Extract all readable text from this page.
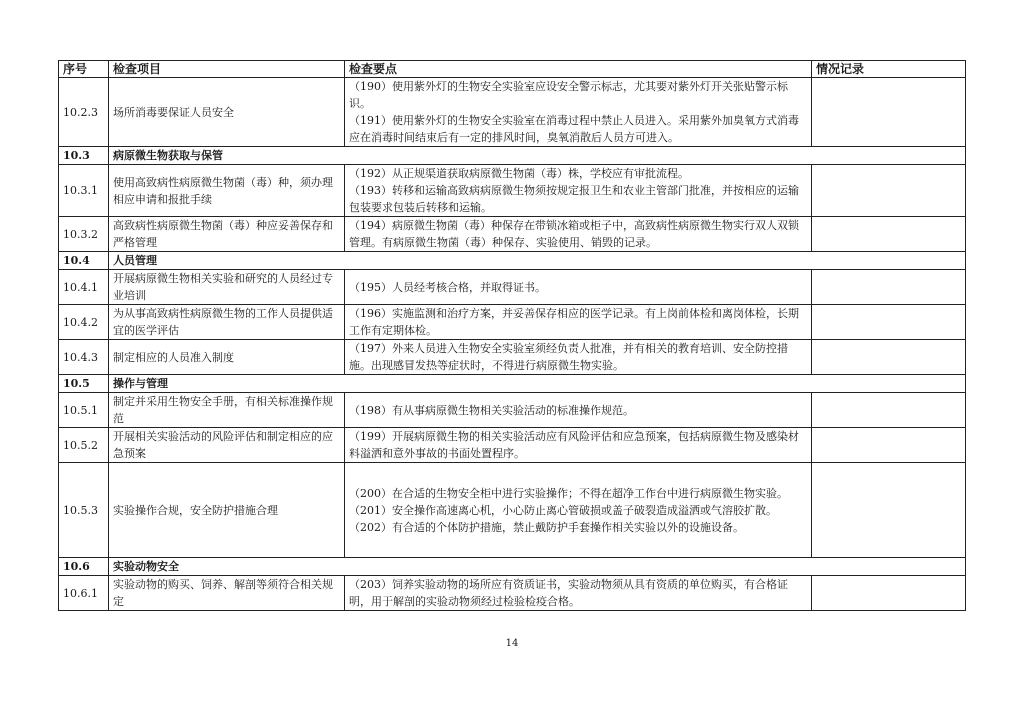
序号	检查项目	检查要点	情况记录
10.2.3	场所消毒要保证人员安全	（190）使用紫外灯的生物安全实验室应设安全警示标志，尤其要对紫外灯开关张贴警示标识。

（191）使用紫外灯的生物安全实验室在消毒过程中禁止人员进入。采用紫外加臭氧方式消毒应在消毒时间结束后有一定的排风时间，臭氧消散后人员方可进入。	

10.3	病原微生物获取与保管		
10.3.1	使用高致病性病原微生物菌（毒）种，须办理相应申请和报批手续	（192）从正规渠道获取病原微生物菌（毒）株，学校应有审批流程。

（193）转移和运输高致病病原微生物须按规定报卫生和农业主管部门批准，并按相应的运输包装要求包装后转移和运输。	

10.3.2	高致病性病原微生物菌（毒）种应妥善保存和严格管理	（194）病原微生物菌（毒）种保存在带锁冰箱或柜子中，高致病性病原微生物实行双人双锁管理。有病原微生物菌（毒）种保存、实验使用、销毁的记录。	

10.4	人员管理		
10.4.1	开展病原微生物相关实验和研究的人员经过专业培训	（195）人员经考核合格，并取得证书。	

10.4.2	为从事高致病性病原微生物的工作人员提供适宜的医学评估	（196）实施监测和治疗方案，并妥善保存相应的医学记录。有上岗前体检和离岗体检，长期工作有定期体检。	

10.4.3	制定相应的人员准入制度	（197）外来人员进入生物安全实验室须经负责人批准，并有相关的教育培训、安全防控措施。出现感冒发热等症状时，不得进行病原微生物实验。	

10.5	操作与管理		
10.5.1	制定并采用生物安全手册，有相关标准操作规范	（198）有从事病原微生物相关实验活动的标准操作规范。	

10.5.2	开展相关实验活动的风险评估和制定相应的应急预案	（199）开展病原微生物的相关实验活动应有风险评估和应急预案，包括病原微生物及感染材料溢洒和意外事故的书面处置程序。	

10.5.3	实验操作合规，安全防护措施合理	（200）在合适的生物安全柜中进行实验操作；不得在超净工作台中进行病原微生物实验。

（201）安全操作高速离心机，小心防止离心管破损或盖子破裂造成溢洒或气溶胶扩散。

（202）有合适的个体防护措施，禁止戴防护手套操作相关实验以外的设施设备。	

10.6	实验动物安全		
10.6.1	实验动物的购买、饲养、解剖等须符合相关规定	（203）饲养实验动物的场所应有资质证书，实验动物须从具有资质的单位购买，有合格证明，用于解剖的实验动物须经过检验检疫合格。	

14
